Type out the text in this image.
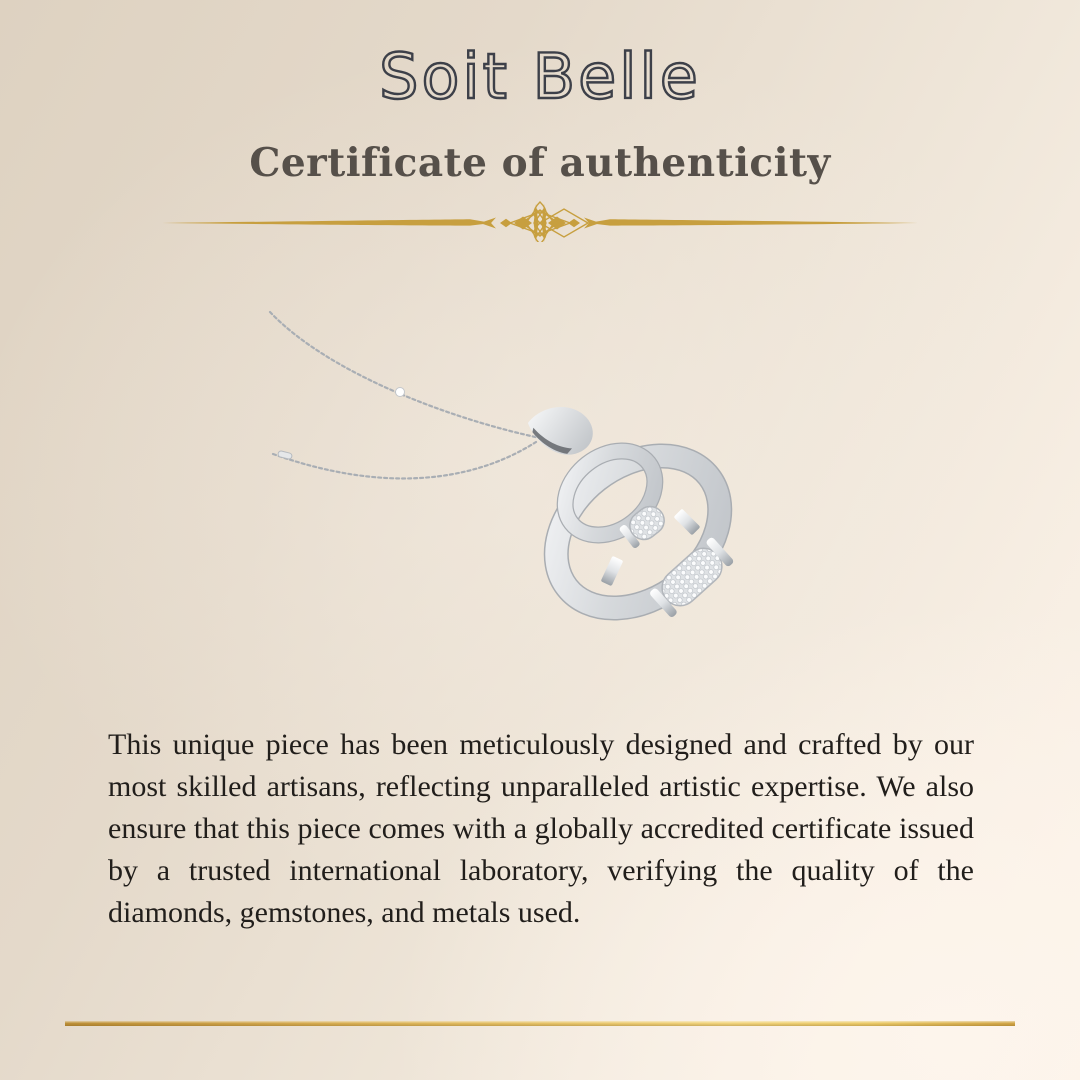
Soit Belle
Certificate of authenticity

This unique piece has been meticulously designed and crafted by our most skilled artisans, reflecting unparalleled artistic expertise. We also ensure that this piece comes with a globally accredited certificate issued by a trusted international laboratory, verifying the quality of the diamonds, gemstones, and metals used.
